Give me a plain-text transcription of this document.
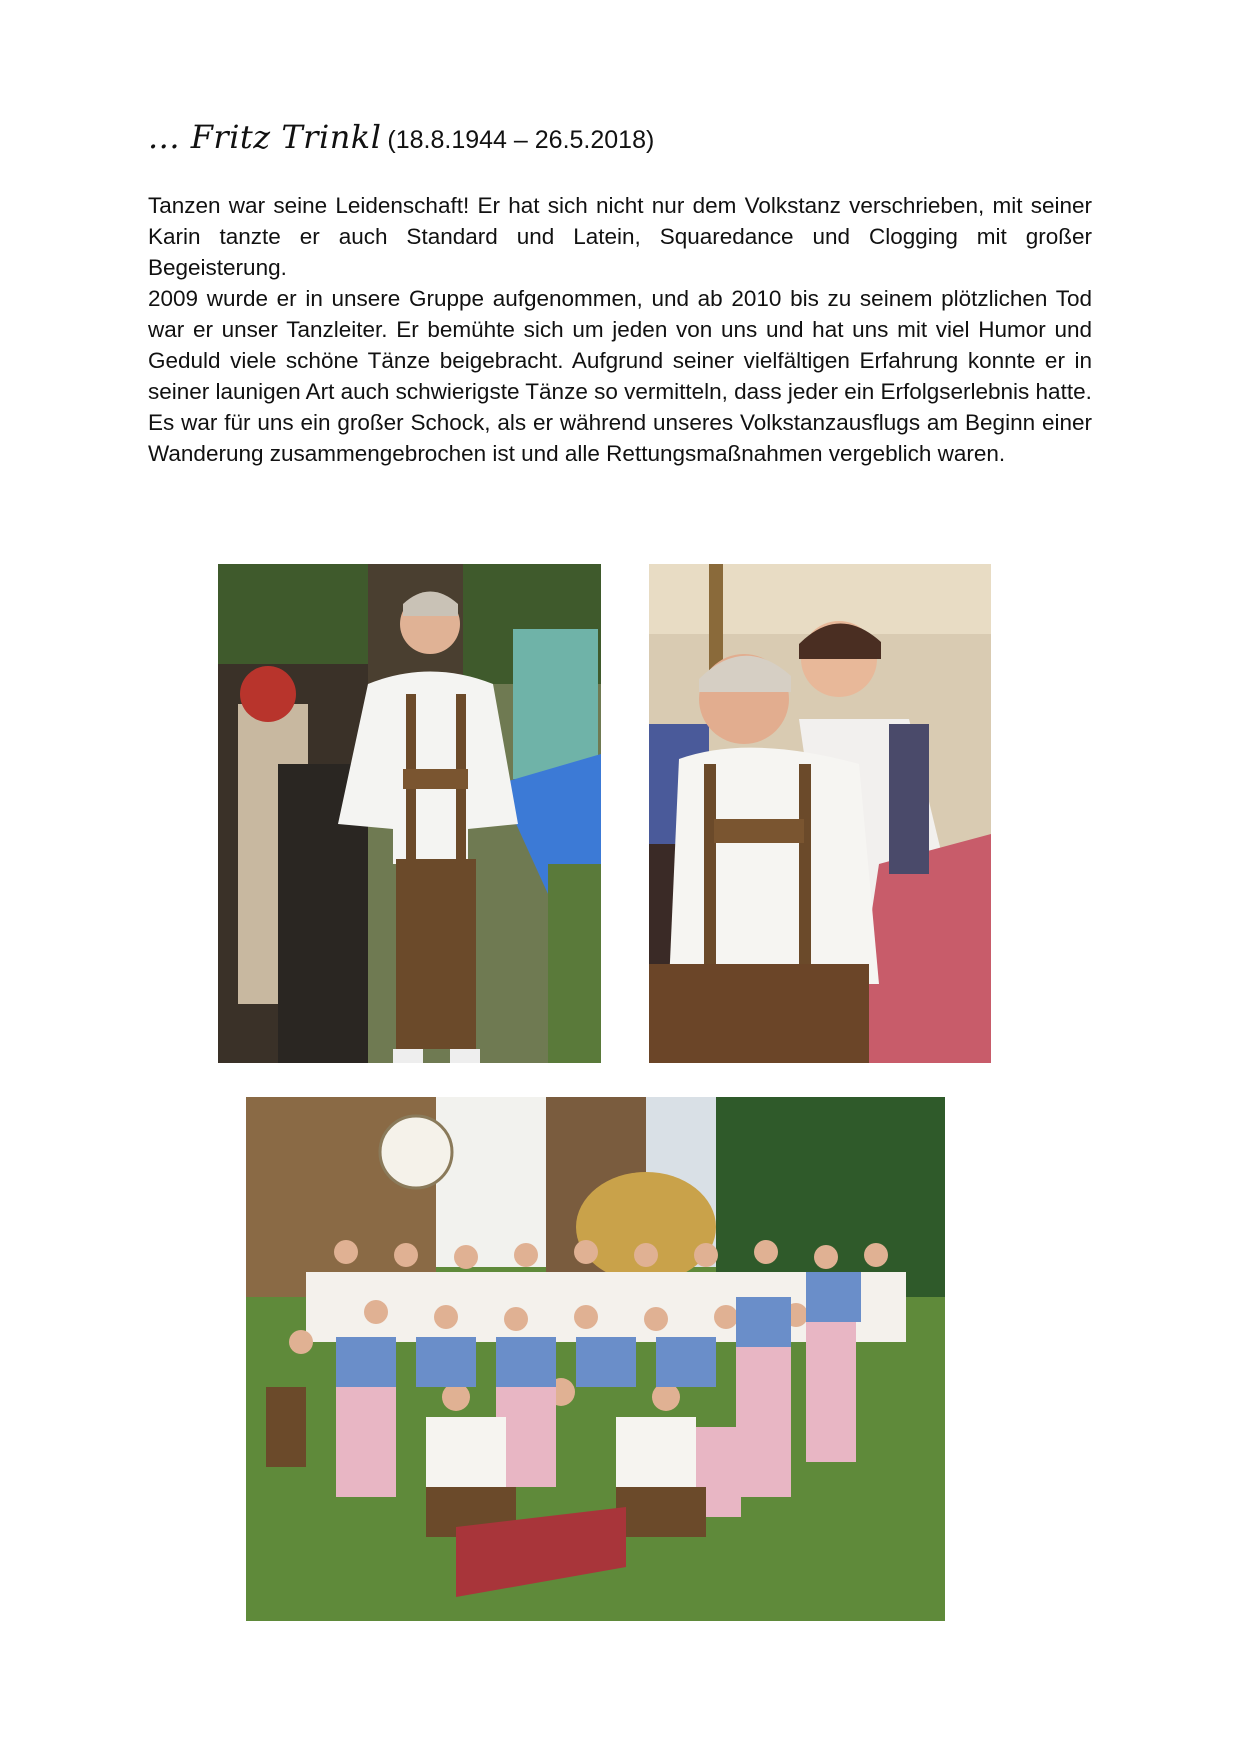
... Fritz Trinkl (18.8.1944 – 26.5.2018)

Tanzen war seine Leidenschaft! Er hat sich nicht nur dem Volkstanz verschrieben, mit seiner Karin tanzte er auch Standard und Latein, Squaredance und Clogging mit großer Begeisterung.

2009 wurde er in unsere Gruppe aufgenommen, und ab 2010 bis zu seinem plötzlichen Tod war er unser Tanzleiter. Er bemühte sich um jeden von uns und hat uns mit viel Humor und Geduld viele schöne Tänze beigebracht. Aufgrund seiner vielfältigen Erfahrung konnte er in seiner launigen Art auch schwierigste Tänze so vermitteln, dass jeder ein Erfolgserlebnis hatte.

Es war für uns ein großer Schock, als er während unseres Volkstanzausflugs am Beginn einer Wanderung zusammengebrochen ist und alle Rettungsmaßnahmen vergeblich waren.
